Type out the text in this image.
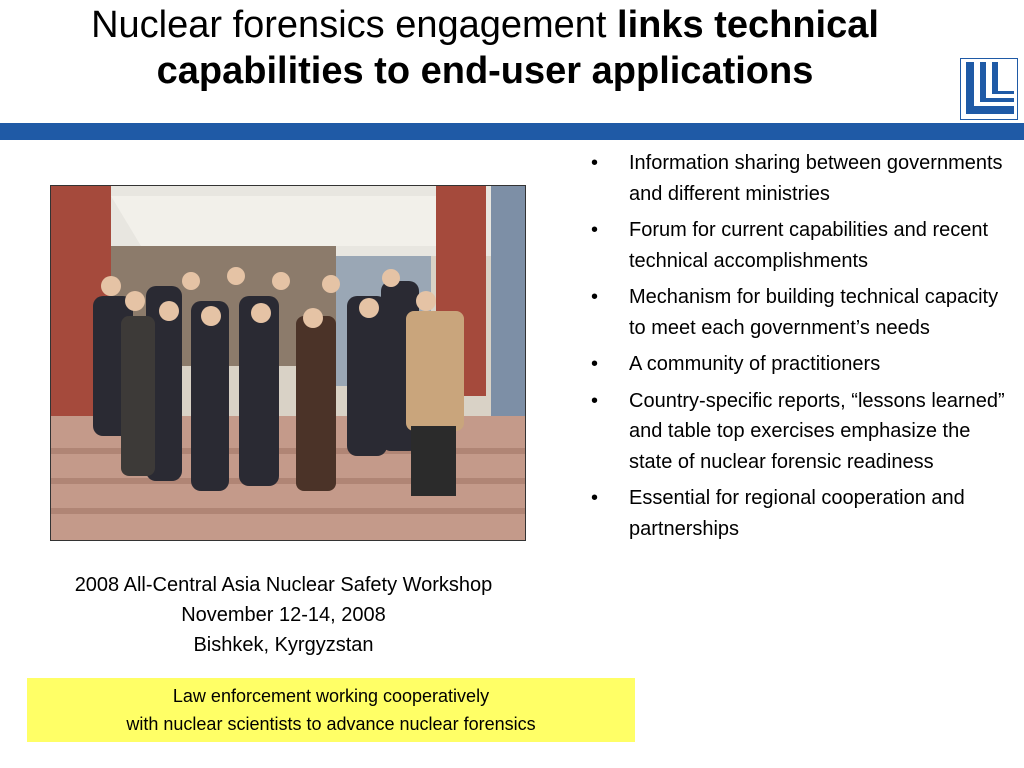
Nuclear forensics engagement links technical capabilities to end-user applications
2008 All-Central Asia Nuclear Safety Workshop
November 12-14, 2008
Bishkek, Kyrgyzstan
Law enforcement working cooperatively
with nuclear scientists to advance nuclear forensics
• Information sharing between governments and different ministries
• Forum for current capabilities and recent technical accomplishments
• Mechanism for building technical capacity to meet each government’s needs
• A community of practitioners
• Country-specific reports, “lessons learned” and table top exercises emphasize the state of nuclear forensic readiness
• Essential for regional cooperation and partnerships
